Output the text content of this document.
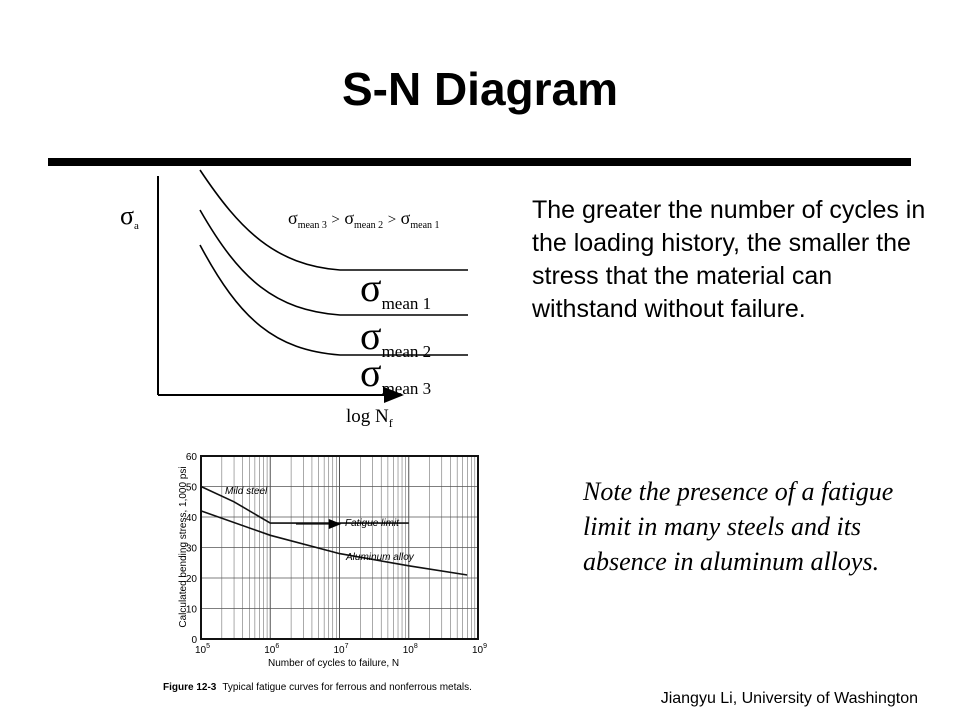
S-N Diagram
σa	$\sigma_{mean 3}$ > $\sigma_{mean 2}$ > $\sigma_{mean 1}$
$\sigma_{mean 1}$
$\sigma_{mean 2}$
$\sigma_{mean 3}$
$\log N_f$
0
10
20
30
40
50
60
$10^5$	$10^6$	$10^7$	$10^8$	$10^9$
Calculated bending stress, 1,000 psi
Number of cycles to failure, N
Mild steel
Fatigue limit
Aluminum alloy
Figure 12-3 Typical fatigue curves for ferrous and nonferrous metals.

The greater the number of cycles in the loading history, the smaller the stress that the material can withstand without failure.

Note the presence of a fatigue limit in many steels and its absence in aluminum alloys.

Jiangyu Li, University of Washington
